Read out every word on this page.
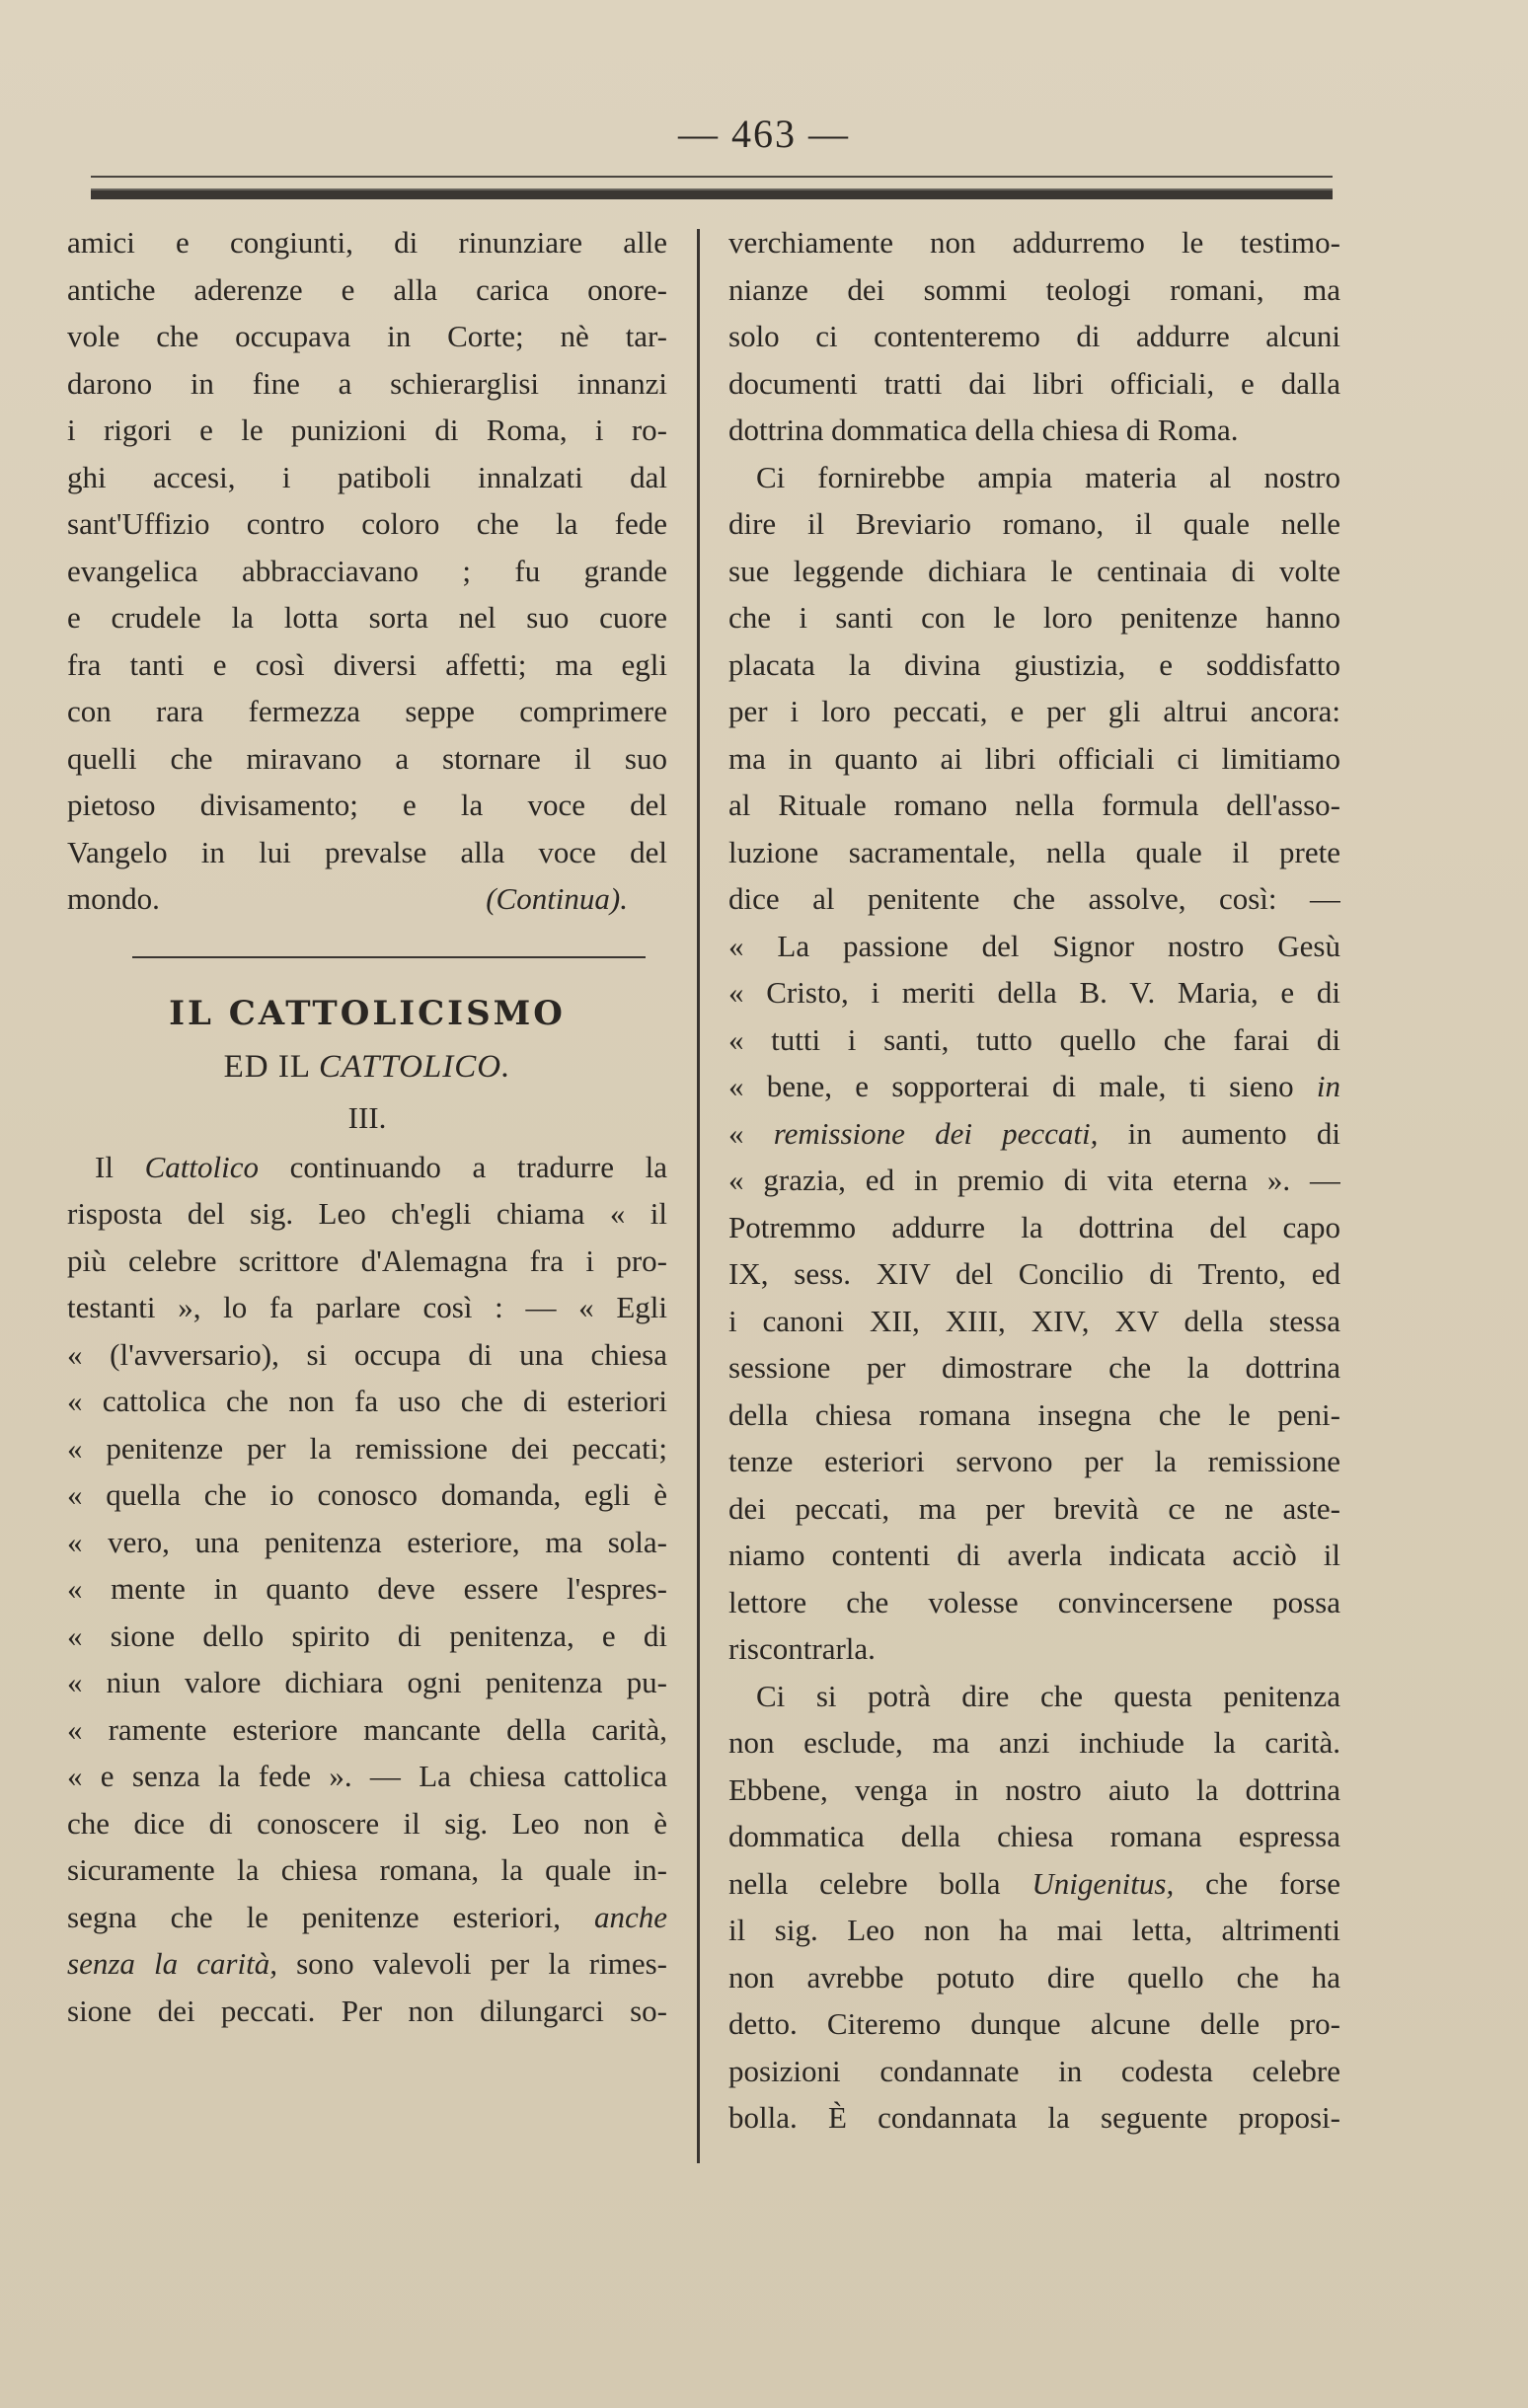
— 463 —
amici e congiunti, di rinunziare alle
antiche aderenze e alla carica onore-
vole che occupava in Corte; nè tar-
darono in fine a schierarglisi innanzi
i rigori e le punizioni di Roma, i ro-
ghi accesi, i patiboli innalzati dal
sant'Uffizio contro coloro che la fede
evangelica abbracciavano ; fu grande
e crudele la lotta sorta nel suo cuore
fra tanti e così diversi affetti; ma egli
con rara fermezza seppe comprimere
quelli che miravano a stornare il suo
pietoso divisamento; e la voce del
Vangelo in lui prevalse alla voce del
mondo.	(Continua).
IL CATTOLICISMO
ED IL CATTOLICO.
III.
Il Cattolico continuando a tradurre la
risposta del sig. Leo ch'egli chiama « il
più celebre scrittore d'Alemagna fra i pro-
testanti », lo fa parlare così : — « Egli
« (l'avversario), si occupa di una chiesa
« cattolica che non fa uso che di esteriori
« penitenze per la remissione dei peccati;
« quella che io conosco domanda, egli è
« vero, una penitenza esteriore, ma sola-
« mente in quanto deve essere l'espres-
« sione dello spirito di penitenza, e di
« niun valore dichiara ogni penitenza pu-
« ramente esteriore mancante della carità,
« e senza la fede ». — La chiesa cattolica
che dice di conoscere il sig. Leo non è
sicuramente la chiesa romana, la quale in-
segna che le penitenze esteriori, anche
senza la carità, sono valevoli per la rimes-
sione dei peccati. Per non dilungarci so-
verchiamente non addurremo le testimo-
nianze dei sommi teologi romani, ma
solo ci contenteremo di addurre alcuni
documenti tratti dai libri officiali, e dalla
dottrina dommatica della chiesa di Roma.
Ci fornirebbe ampia materia al nostro
dire il Breviario romano, il quale nelle
sue leggende dichiara le centinaia di volte
che i santi con le loro penitenze hanno
placata la divina giustizia, e soddisfatto
per i loro peccati, e per gli altrui ancora:
ma in quanto ai libri officiali ci limitiamo
al Rituale romano nella formula dell'asso-
luzione sacramentale, nella quale il prete
dice al penitente che assolve, così: —
« La passione del Signor nostro Gesù
« Cristo, i meriti della B. V. Maria, e di
« tutti i santi, tutto quello che farai di
« bene, e sopporterai di male, ti sieno in
« remissione dei peccati, in aumento di
« grazia, ed in premio di vita eterna ». —
Potremmo addurre la dottrina del capo
IX, sess. XIV del Concilio di Trento, ed
i canoni XII, XIII, XIV, XV della stessa
sessione per dimostrare che la dottrina
della chiesa romana insegna che le peni-
tenze esteriori servono per la remissione
dei peccati, ma per brevità ce ne aste-
niamo contenti di averla indicata acciò il
lettore che volesse convincersene possa
riscontrarla.
Ci si potrà dire che questa penitenza
non esclude, ma anzi inchiude la carità.
Ebbene, venga in nostro aiuto la dottrina
dommatica della chiesa romana espressa
nella celebre bolla Unigenitus, che forse
il sig. Leo non ha mai letta, altrimenti
non avrebbe potuto dire quello che ha
detto. Citeremo dunque alcune delle pro-
posizioni condannate in codesta celebre
bolla. È condannata la seguente proposi-
